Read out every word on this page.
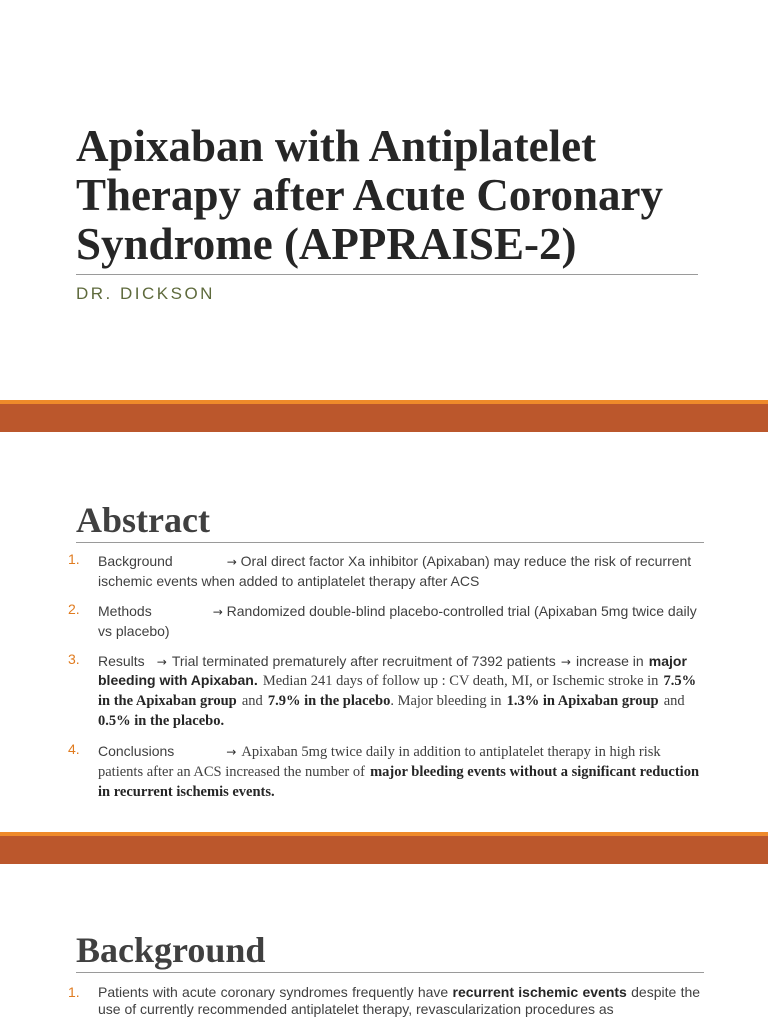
Apixaban with Antiplatelet Therapy after Acute Coronary Syndrome (APPRAISE-2)

DR. DICKSON

Abstract
1. Background	→ Oral direct factor Xa inhibitor (Apixaban) may reduce the risk of recurrent ischemic events when added to antiplatelet therapy after ACS
2. Methods	→ Randomized double-blind placebo-controlled trial (Apixaban 5mg twice daily vs placebo)
3. Results → Trial terminated prematurely after recruitment of 7392 patients → increase in major bleeding with Apixaban. Median 241 days of follow up : CV death, MI, or Ischemic stroke in 7.5% in the Apixaban group and 7.9% in the placebo. Major bleeding in 1.3% in Apixaban group and 0.5% in the placebo.
4. Conclusions	→ Apixaban 5mg twice daily in addition to antiplatelet therapy in high risk patients after an ACS increased the number of major bleeding events without a significant reduction in recurrent ischemis events.
Background
1. Patients with acute coronary syndromes frequently have recurrent ischemic events despite the use of currently recommended antiplatelet therapy, revascularization procedures as
